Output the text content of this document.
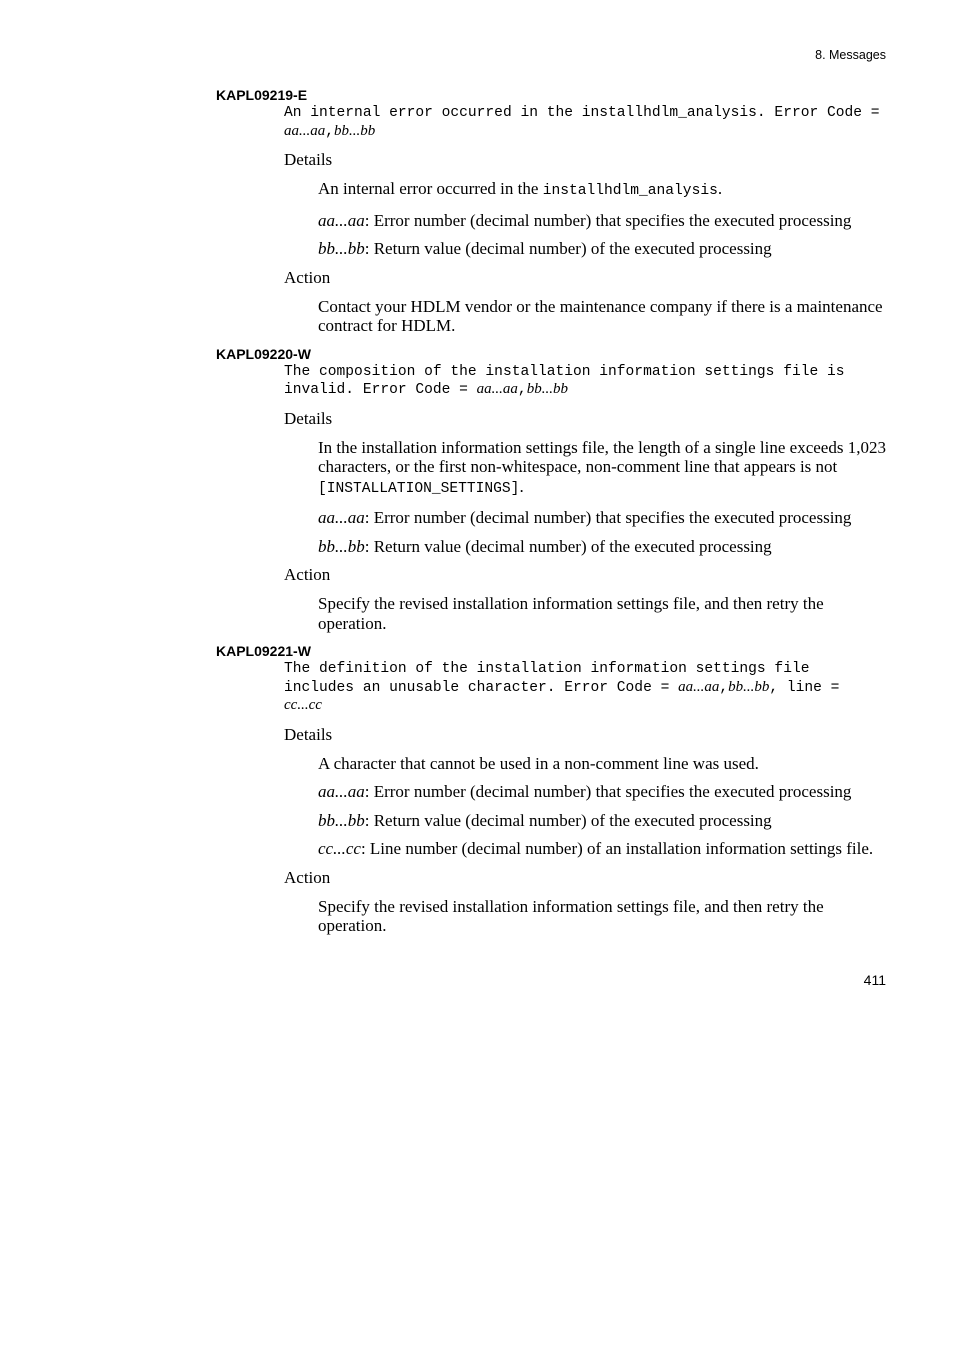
8. Messages
KAPL09219-E
An internal error occurred in the installhdlm_analysis. Error Code = aa...aa,bb...bb
Details
An internal error occurred in the installhdlm_analysis.
aa...aa: Error number (decimal number) that specifies the executed processing
bb...bb: Return value (decimal number) of the executed processing
Action
Contact your HDLM vendor or the maintenance company if there is a maintenance contract for HDLM.
KAPL09220-W
The composition of the installation information settings file is invalid. Error Code = aa...aa,bb...bb
Details
In the installation information settings file, the length of a single line exceeds 1,023 characters, or the first non-whitespace, non-comment line that appears is not [INSTALLATION_SETTINGS].
aa...aa: Error number (decimal number) that specifies the executed processing
bb...bb: Return value (decimal number) of the executed processing
Action
Specify the revised installation information settings file, and then retry the operation.
KAPL09221-W
The definition of the installation information settings file includes an unusable character. Error Code = aa...aa,bb...bb, line = cc...cc
Details
A character that cannot be used in a non-comment line was used.
aa...aa: Error number (decimal number) that specifies the executed processing
bb...bb: Return value (decimal number) of the executed processing
cc...cc: Line number (decimal number) of an installation information settings file.
Action
Specify the revised installation information settings file, and then retry the operation.
411
